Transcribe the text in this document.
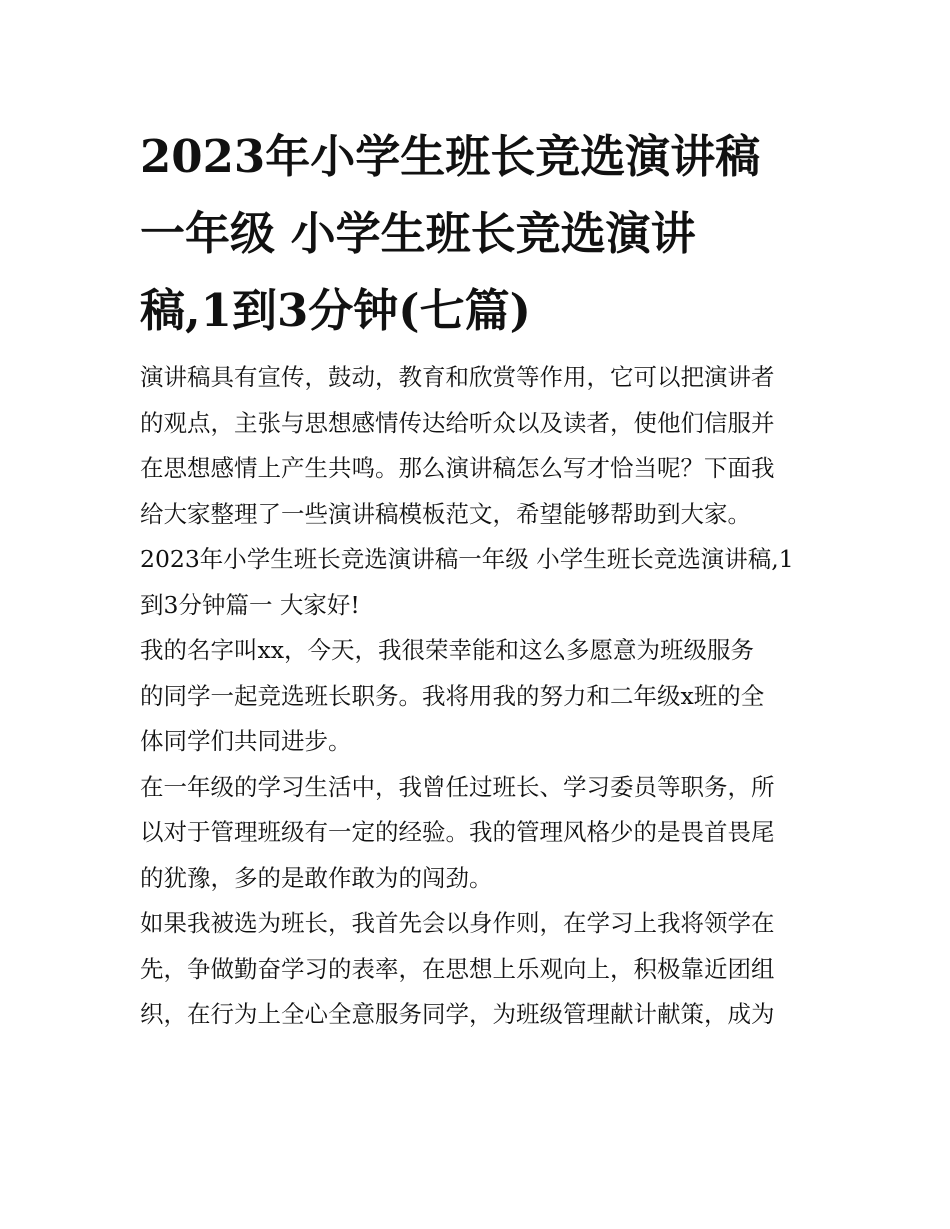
2023年小学生班长竞选演讲稿
一年级 小学生班长竞选演讲
稿,1到3分钟(七篇)

演讲稿具有宣传，鼓动，教育和欣赏等作用，它可以把演讲者
的观点，主张与思想感情传达给听众以及读者，使他们信服并
在思想感情上产生共鸣。那么演讲稿怎么写才恰当呢？下面我
给大家整理了一些演讲稿模板范文，希望能够帮助到大家。

2023年小学生班长竞选演讲稿一年级 小学生班长竞选演讲稿,1
到3分钟篇一 大家好!

我的名字叫xx，今天，我很荣幸能和这么多愿意为班级服务
的同学一起竞选班长职务。我将用我的努力和二年级x班的全
体同学们共同进步。

在一年级的学习生活中，我曾任过班长、学习委员等职务，所
以对于管理班级有一定的经验。我的管理风格少的是畏首畏尾
的犹豫，多的是敢作敢为的闯劲。

如果我被选为班长，我首先会以身作则，在学习上我将领学在
先，争做勤奋学习的表率，在思想上乐观向上，积极靠近团组
织，在行为上全心全意服务同学，为班级管理献计献策，成为
